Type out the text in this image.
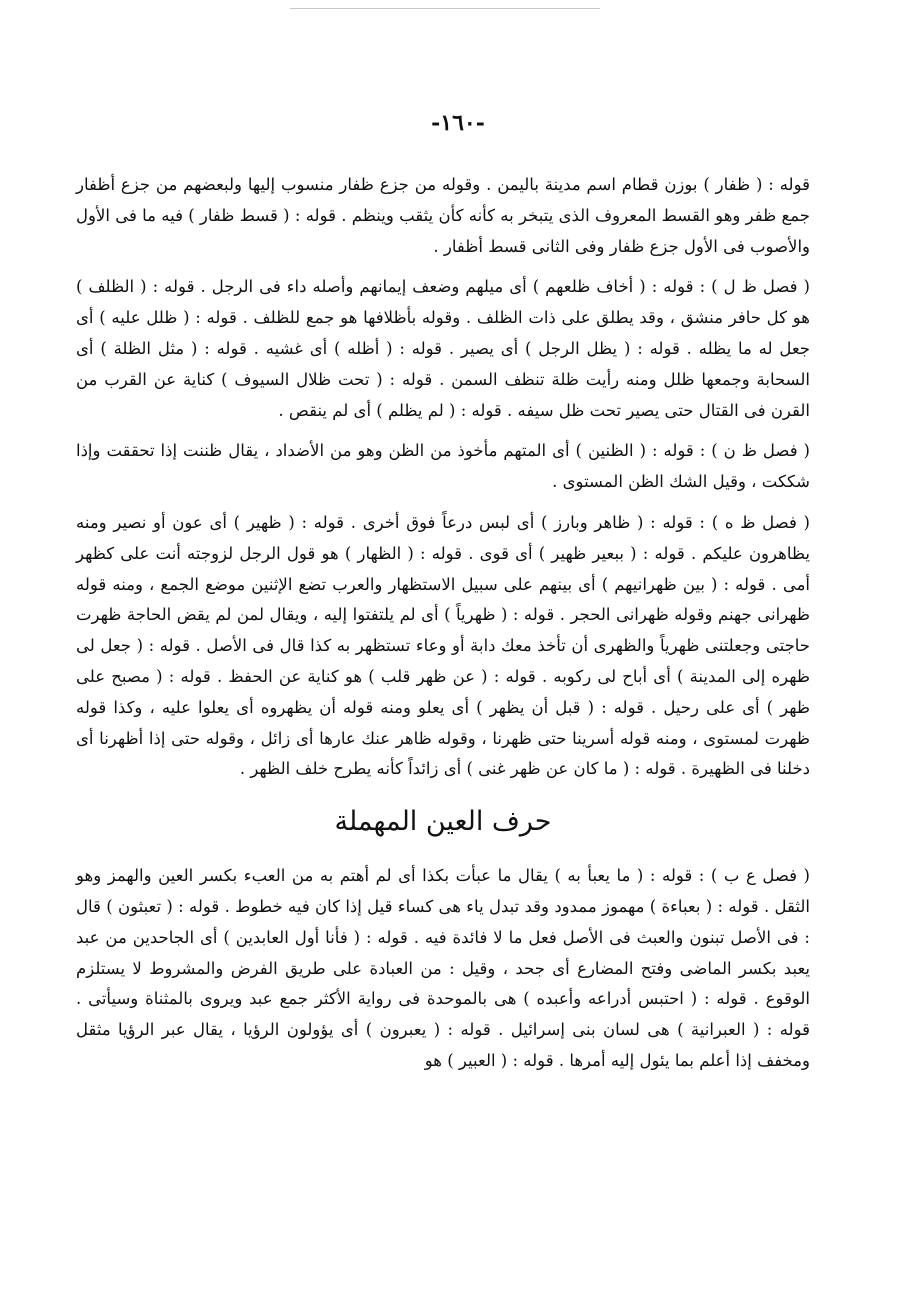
-١٦٠-

قوله : ( ظفار ) بوزن قطام اسم مدينة باليمن . وقوله من جزع ظفار منسوب إليها ولبعضهم من جزع أظفار جمع ظفر وهو القسط المعروف الذى يتبخر به كأنه كأن يثقب وينظم . قوله : ( قسط ظفار ) فيه ما فى الأول والأصوب فى الأول جزع ظفار وفى الثانى قسط أظفار .

( فصل ظ ل ) : قوله : ( أخاف ظلعهم ) أى ميلهم وضعف إيمانهم وأصله داء فى الرجل . قوله : ( الظلف ) هو كل حافر منشق ، وقد يطلق على ذات الظلف . وقوله بأظلافها هو جمع للظلف . قوله : ( ظلل عليه ) أى جعل له ما يظله . قوله : ( يظل الرجل ) أى يصير . قوله : ( أظله ) أى غشيه . قوله : ( مثل الظلة ) أى السحابة وجمعها ظلل ومنه رأيت ظلة تنظف السمن . قوله : ( تحت ظلال السيوف ) كناية عن القرب من القرن فى القتال حتى يصير تحت ظل سيفه . قوله : ( لم يظلم ) أى لم ينقص .

( فصل ظ ن ) : قوله : ( الظنين ) أى المتهم مأخوذ من الظن وهو من الأضداد ، يقال ظننت إذا تحققت وإذا شككت ، وقيل الشك الظن المستوى .

( فصل ظ ه ) : قوله : ( ظاهر وبارز ) أى لبس درعاً فوق أخرى . قوله : ( ظهير ) أى عون أو نصير ومنه يظاهرون عليكم . قوله : ( ببعير ظهير ) أى قوى . قوله : ( الظهار ) هو قول الرجل لزوجته أنت على كظهر أمى . قوله : ( بين ظهرانيهم ) أى بينهم على سبيل الاستظهار والعرب تضع الإثنين موضع الجمع ، ومنه قوله ظهرانى جهنم وقوله ظهرانى الحجر . قوله : ( ظهرياً ) أى لم يلتفتوا إليه ، ويقال لمن لم يقض الحاجة ظهرت حاجتى وجعلتنى ظهرياً والظهرى أن تأخذ معك دابة أو وعاء تستظهر به كذا قال فى الأصل . قوله : ( جعل لى ظهره إلى المدينة ) أى أباح لى ركوبه . قوله : ( عن ظهر قلب ) هو كناية عن الحفظ . قوله : ( مصبح على ظهر ) أى على رحيل . قوله : ( قبل أن يظهر ) أى يعلو ومنه قوله أن يظهروه أى يعلوا عليه ، وكذا قوله ظهرت لمستوى ، ومنه قوله أسرينا حتى ظهرنا ، وقوله ظاهر عنك عارها أى زائل ، وقوله حتى إذا أظهرنا أى دخلنا فى الظهيرة . قوله : ( ما كان عن ظهر غنى ) أى زائداً كأنه يطرح خلف الظهر .

حرف العين المهملة

( فصل ع ب ) : قوله : ( ما يعبأ به ) يقال ما عبأت بكذا أى لم أهتم به من العبء بكسر العين والهمز وهو الثقل . قوله : ( بعباءة ) مهموز ممدود وقد تبدل ياء هى كساء قيل إذا كان فيه خطوط . قوله : ( تعبثون ) قال : فى الأصل تبنون والعبث فى الأصل فعل ما لا فائدة فيه . قوله : ( فأنا أول العابدين ) أى الجاحدين من عبد يعبد بكسر الماضى وفتح المضارع أى جحد ، وقيل : من العبادة على طريق الفرض والمشروط لا يستلزم الوقوع . قوله : ( احتبس أدراعه وأعبده ) هى بالموحدة فى رواية الأكثر جمع عبد ويروى بالمثناة وسيأتى . قوله : ( العبرانية ) هى لسان بنى إسرائيل . قوله : ( يعبرون ) أى يؤولون الرؤيا ، يقال عبر الرؤيا مثقل ومخفف إذا أعلم بما يئول إليه أمرها . قوله : ( العبير ) هو
